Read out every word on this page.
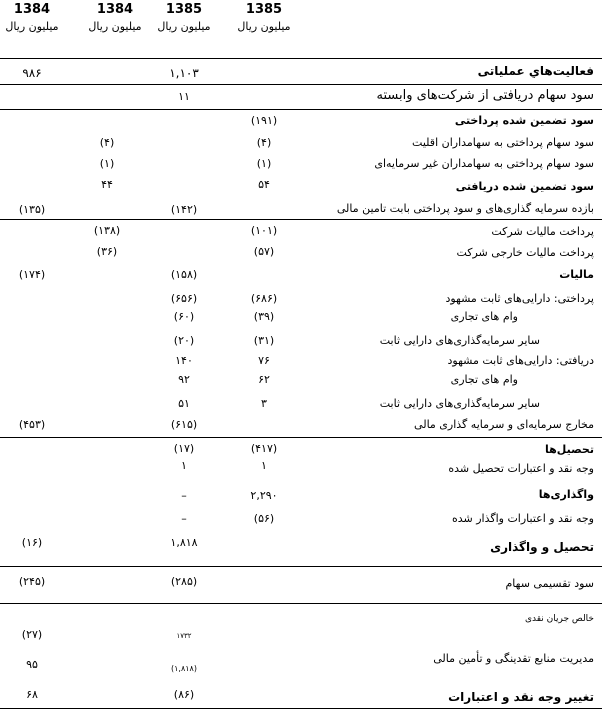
1384
میلیون ریال
1384
میلیون ریال
1385
میلیون ریال
1385
میلیون ریال
فعالیت‌هاي عملیاتی
سود سهام دریافتی از شرکت‌های وابسته
سود تضمین شده پرداختی
سود سهام پرداختی به سهامداران اقلیت
سود سهام پرداختی به سهامداران غیر سرمایه‌ای
سود تضمین شده دریافتی
بازده سرمایه گذاری‌های و سود پرداختی بابت تامین مالی
پرداخت مالیات شرکت
پرداخت مالیات خارجی شرکت
مالیات
پرداختی: دارایی‌های ثابت مشهود
وام های تجاری
سایر سرمایه‌گذاری‌های دارایی ثابت
دریافتی: دارایی‌های ثابت مشهود
وام های تجاری
سایر سرمایه‌گذاری‌های دارایی ثابت
مخارج سرمایه‌ای و سرمایه گذاری مالی
تحصیل‌ها
وجه نقد و اعتبارات تحصیل شده
واگذاری‌ها
وجه نقد و اعتبارات واگذار شده
تحصیل و واگذاری
سود تقسیمی سهام
خالص جریان نقدی
مدیریت منابع تقدینگی و تأمین مالی
تغییر وجه نقد و اعتبارات
۹۸۶
(۱۳۵)
(۱۷۴)
(۴۵۳)
(۱۶)
(۲۴۵)
(۲۷)
۹۵
۶۸
(۴)
(۱)
۴۴
(۱۳۸)
(۳۶)
۱,۱۰۳
۱۱
(۱۴۲)
(۱۵۸)
(۶۵۶)
(۶۰)
(۲۰)
۱۴۰
۹۲
۵۱
(۶۱۵)
(۱۷)
۱
–
–
۱,۸۱۸
(۲۸۵)
۱۷۳۲
(۱,۸۱۸)
(۸۶)
(۱۹۱)
(۴)
(۱)
۵۴
(۱۰۱)
(۵۷)
(۶۸۶)
(۳۹)
(۳۱)
۷۶
۶۲
۳
(۴۱۷)
۱
۲,۲۹۰
(۵۶)
